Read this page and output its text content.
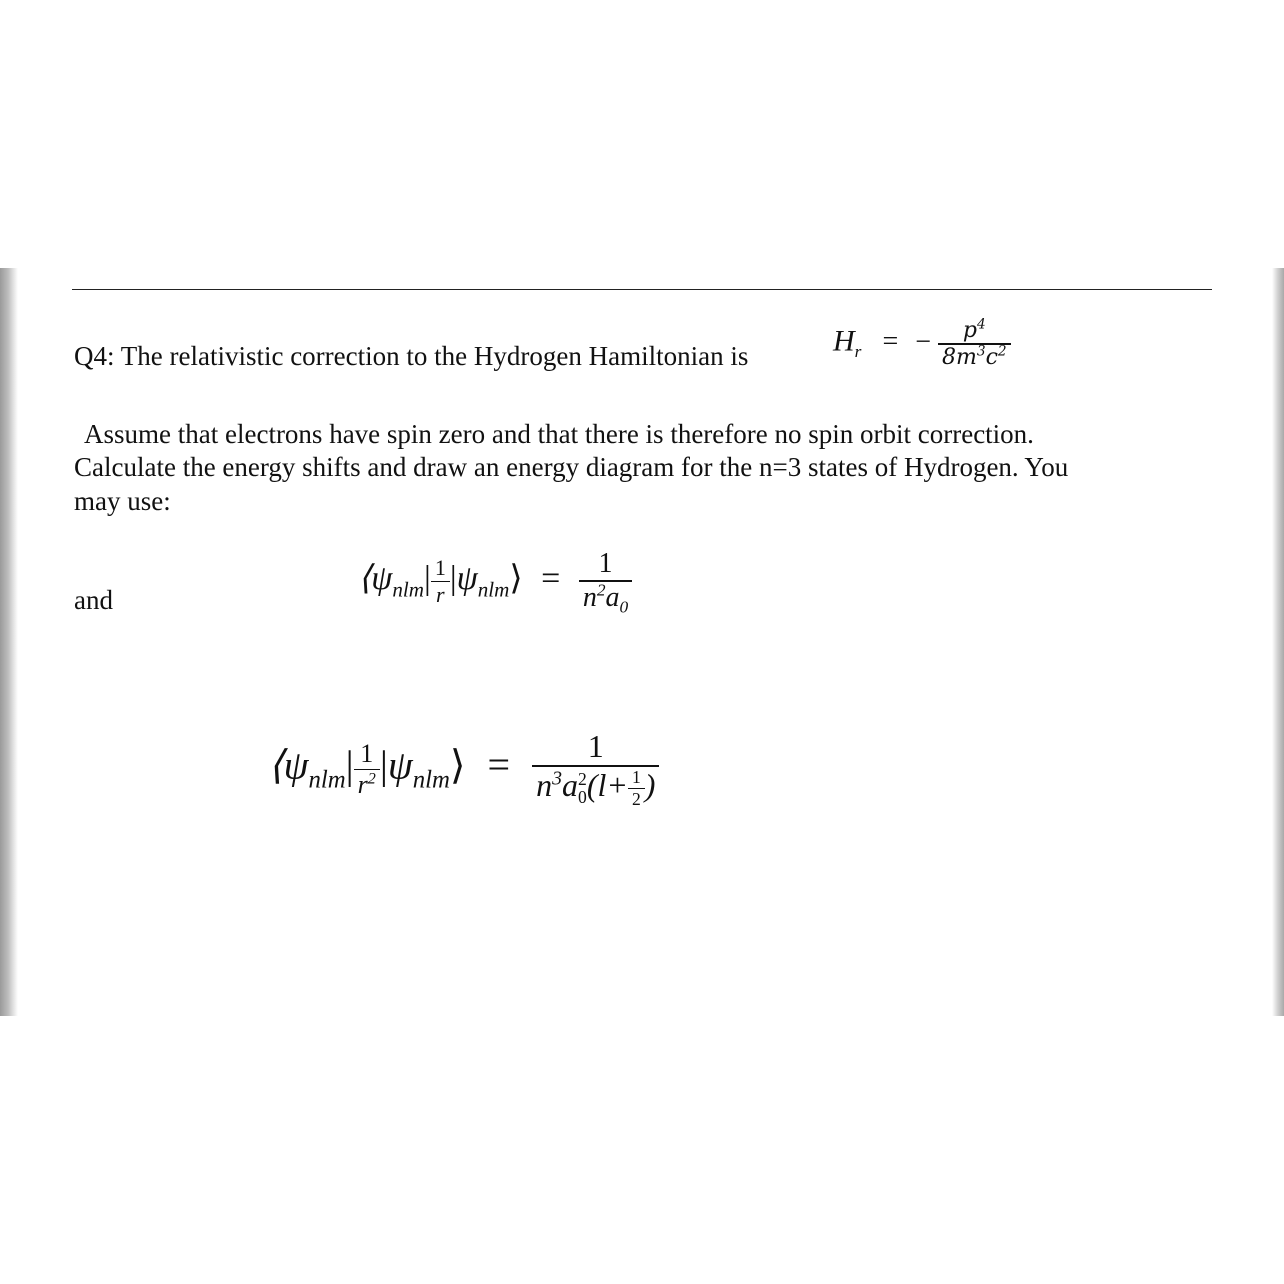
Q4: The relativistic correction to the Hydrogen Hamiltonian is	$H_r$ = − $\frac{p^4}{8m^3c^2}$
Assume that electrons have spin zero and that there is therefore no spin orbit correction.
Calculate the energy shifts and draw an energy diagram for the n=3 states of Hydrogen. You
may use:
and
$⟨\psi_{nlm}| \frac{1}{r}$ $|\psi_{nlm}⟩ = \frac{1}{n^2a_0}$
$⟨\psi_{nlm}| \frac{1}{r^2}$ $|\psi_{nlm}⟩ = 1$
$n^3a$ 2
0 ($l+ \frac{1}{2}$ )
